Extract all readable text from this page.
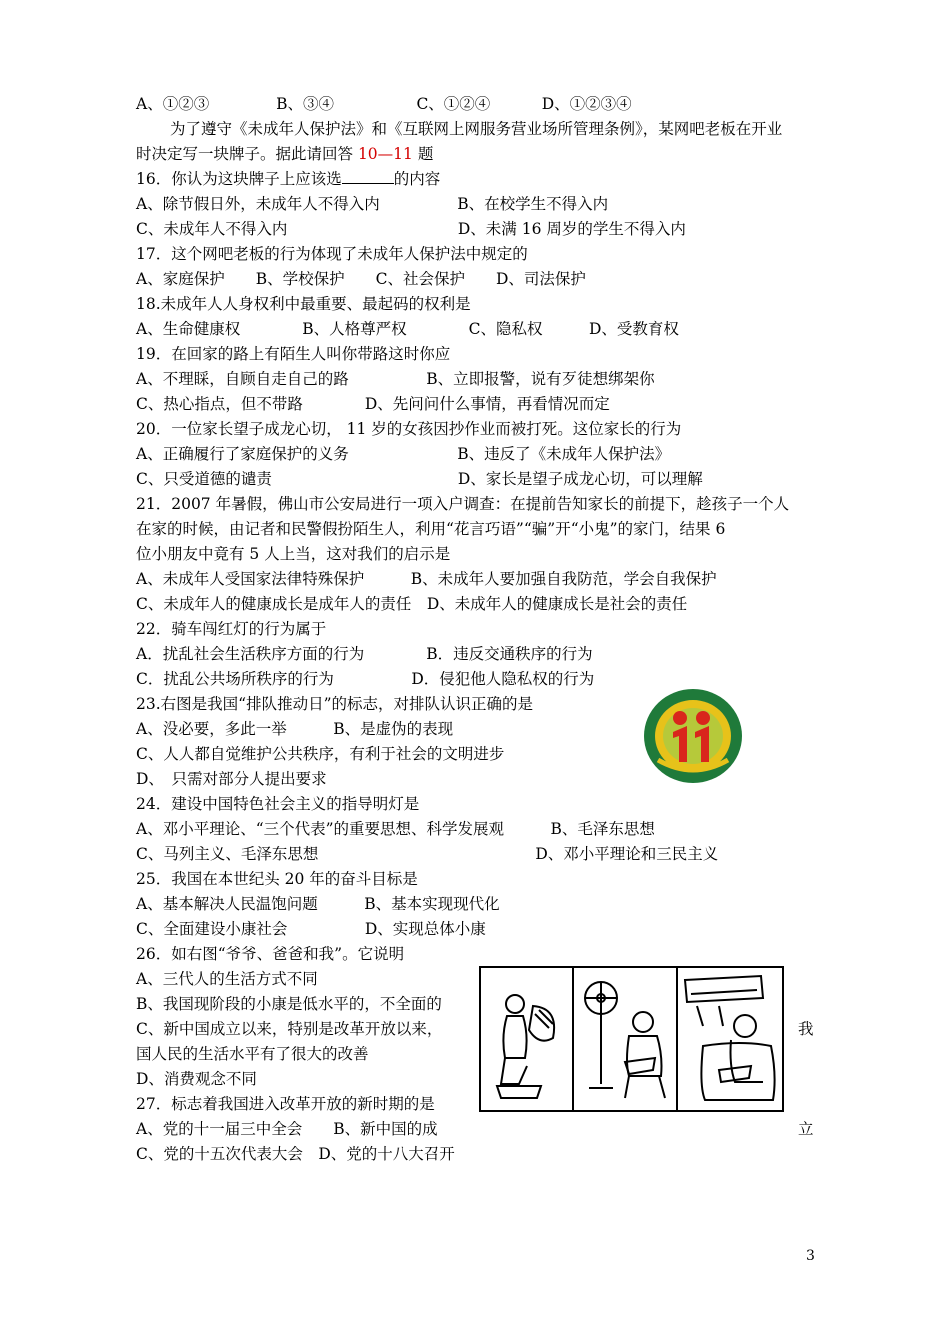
A、①②③ 　　　　B、③④ 　　　　　C、①②④ 　　　D、①②③④
为了遵守《未成年人保护法》和《互联网上网服务营业场所管理条例》，某网吧老板在开业
时决定写一块牌子。据此请回答 10—11 题
16．你认为这块牌子上应该选	的内容
A、除节假日外，未成年人不得入内　　　　　B、在校学生不得入内
C、未成年人不得入内　　　　　　　　　　　D、未满 16 周岁的学生不得入内
17．这个网吧老板的行为体现了未成年人保护法中规定的
A、家庭保护　　B、学校保护　　C、社会保护　　D、司法保护
18.未成年人人身权利中最重要、最起码的权利是
A、生命健康权　　　　B、人格尊严权　　　　C、隐私权　　　D、受教育权
19．在回家的路上有陌生人叫你带路这时你应
A、不理睬，自顾自走自己的路　　　　　B、立即报警，说有歹徒想绑架你
C、热心指点，但不带路　　　　D、先问问什么事情，再看情况而定
20．一位家长望子成龙心切， 11 岁的女孩因抄作业而被打死。这位家长的行为
A、正确履行了家庭保护的义务　　　　　　　B、违反了《未成年人保护法》
C、只受道德的谴责　　　　　　　　　　　　D、家长是望子成龙心切，可以理解
21．2007 年暑假，佛山市公安局进行一项入户调查：在提前告知家长的前提下，趁孩子一个人
在家的时候，由记者和民警假扮陌生人，利用“花言巧语”“骗”开“小鬼”的家门，结果 6
位小朋友中竟有 5 人上当，这对我们的启示是
A、未成年人受国家法律特殊保护　　　B、未成年人要加强自我防范，学会自我保护
C、未成年人的健康成长是成年人的责任　D、未成年人的健康成长是社会的责任
22．骑车闯红灯的行为属于
A．扰乱社会生活秩序方面的行为　　　　B．违反交通秩序的行为
C．扰乱公共场所秩序的行为　　　　　D．侵犯他人隐私权的行为
23.右图是我国“排队推动日”的标志，对排队认识正确的是
A、没必要，多此一举　　　B、是虚伪的表现
C、人人都自觉维护公共秩序，有利于社会的文明进步
D、　只需对部分人提出要求
24．建设中国特色社会主义的指导明灯是
A、邓小平理论、“三个代表”的重要思想、科学发展观　　　B、毛泽东思想
C、马列主义、毛泽东思想　　　　　　　　　　　　　　D、邓小平理论和三民主义
25．我国在本世纪头 20 年的奋斗目标是
A、基本解决人民温饱问题　　　B、基本实现现代化
C、全面建设小康社会　　　　　D、实现总体小康
26．如右图“爷爷、爸爸和我”。它说明
A、三代人的生活方式不同
B、我国现阶段的小康是低水平的，不全面的
C、新中国成立以来，特别是改革开放以来，
国人民的生活水平有了很大的改善
D、消费观念不同
27．标志着我国进入改革开放的新时期的是
A、党的十一届三中全会　　B、新中国的成
C、党的十五次代表大会　D、党的十八大召开
我
立
3
